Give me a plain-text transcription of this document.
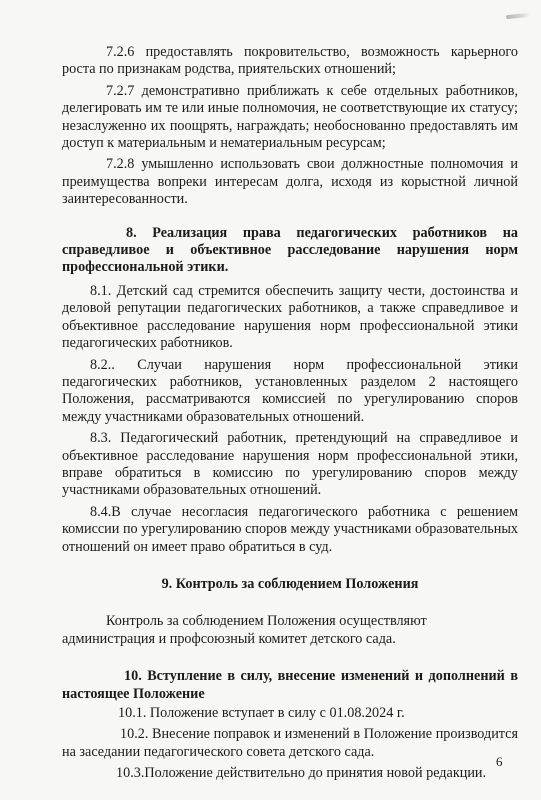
7.2.6 предоставлять покровительство, возможность карьерного роста по признакам родства, приятельских отношений;

7.2.7 демонстративно приближать к себе отдельных работников, делегировать им те или иные полномочия, не соответствующие их статусу; незаслуженно их поощрять, награждать; необоснованно предоставлять им доступ к материальным и нематериальным ресурсам;

7.2.8 умышленно использовать свои должностные полномочия и преимущества вопреки интересам долга, исходя из корыстной личной заинтересованности.

8. Реализация права педагогических работников на справедливое и объективное расследование нарушения норм профессиональной этики.

8.1. Детский сад стремится обеспечить защиту чести, достоинства и деловой репутации педагогических работников, а также справедливое и объективное расследование нарушения норм профессиональной этики педагогических работников.

8.2.. Случаи нарушения норм профессиональной этики педагогических работников, установленных разделом 2 настоящего Положения, рассматриваются комиссией по урегулированию споров между участниками образовательных отношений.

8.3. Педагогический работник, претендующий на справедливое и объективное расследование нарушения норм профессиональной этики, вправе обратиться в комиссию по урегулированию споров между участниками образовательных отношений.

8.4.В случае несогласия педагогического работника с решением комиссии по урегулированию споров между участниками образовательных отношений он имеет право обратиться в суд.

9. Контроль за соблюдением Положения

Контроль за соблюдением Положения осуществляют администрация и профсоюзный комитет детского сада.

10. Вступление в силу, внесение изменений и дополнений в настоящее Положение

10.1. Положение вступает в силу с 01.08.2024 г.

10.2. Внесение поправок и изменений в Положение производится на заседании педагогического совета детского сада.

10.3.Положение действительно до принятия новой редакции.

6
